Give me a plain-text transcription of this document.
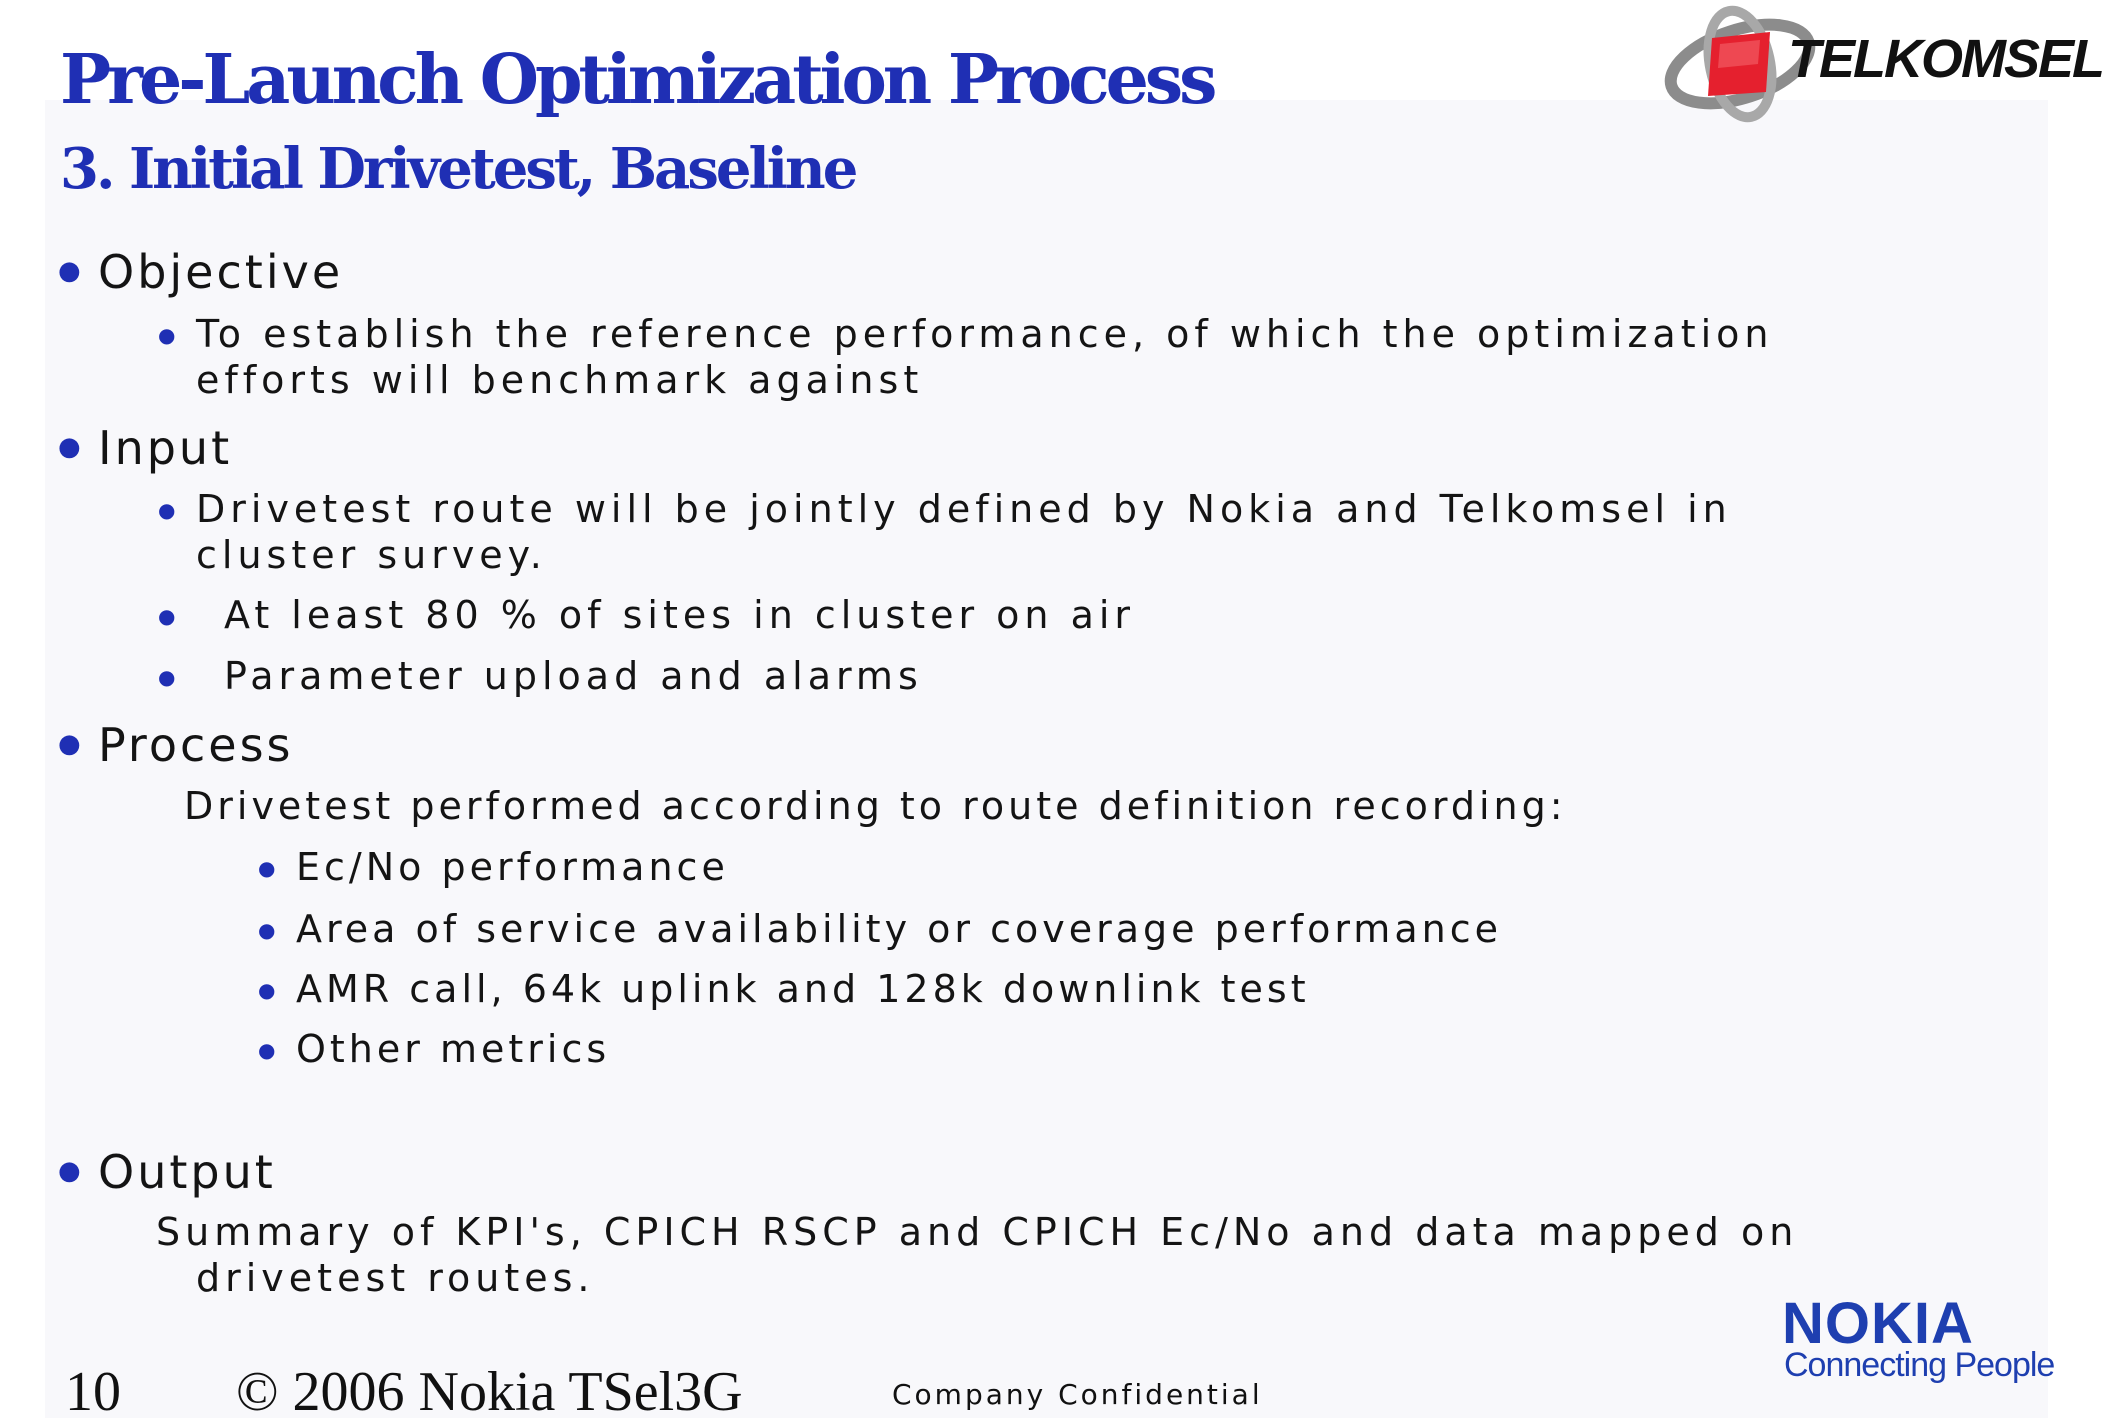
Pre-Launch Optimization Process
3. Initial Drivetest, Baseline
TELKOMSEL
● Objective
● To establish the reference performance, of which the optimization
efforts will benchmark against
● Input
● Drivetest route will be jointly defined by Nokia and Telkomsel in
cluster survey.
● At least 80 % of sites in cluster on air
● Parameter upload and alarms
● Process
Drivetest performed according to route definition recording:
● Ec/No performance
● Area of service availability or coverage performance
● AMR call, 64k uplink and 128k downlink test
● Other metrics
● Output
Summary of KPI's, CPICH RSCP and CPICH Ec/No and data mapped on
drivetest routes.
NOKIA
Connecting People
10 © 2006 Nokia TSel3G	Company Confidential
